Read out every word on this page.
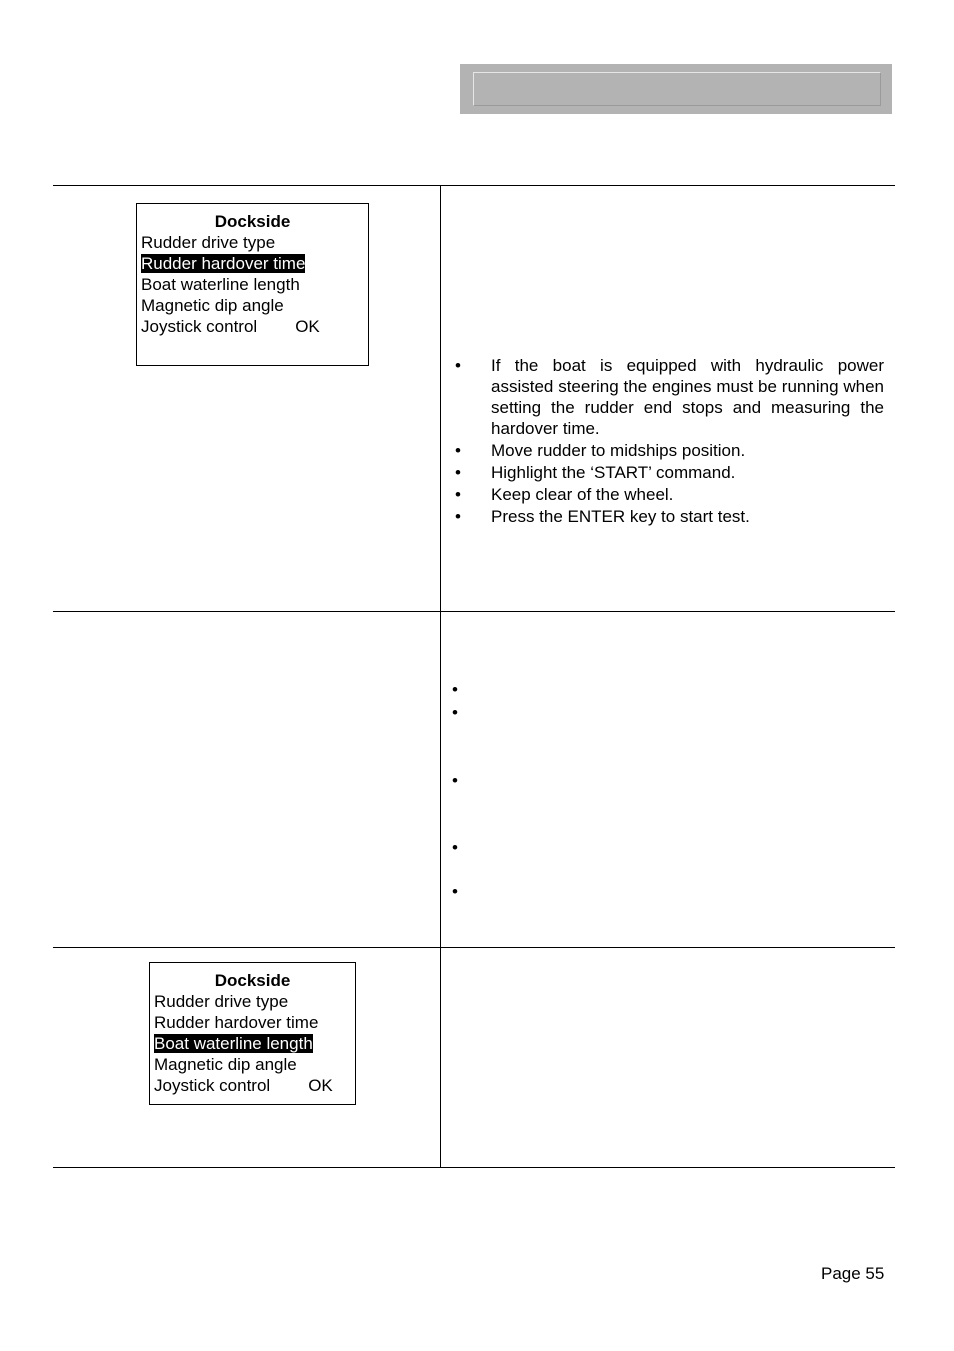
Dockside
Rudder drive type
Rudder hardover time
Boat waterline length
Magnetic dip angle
Joystick control OK
• If the boat is equipped with hydraulic power assisted steering the engines must be running when setting the rudder end stops and measuring the hardover time.
• Move rudder to midships position.
• Highlight the ‘START’ command.
• Keep clear of the wheel.
• Press the ENTER key to start test.
•
•
•
•
•
Dockside
Rudder drive type
Rudder hardover time
Boat waterline length
Magnetic dip angle
Joystick control OK
Page 55
